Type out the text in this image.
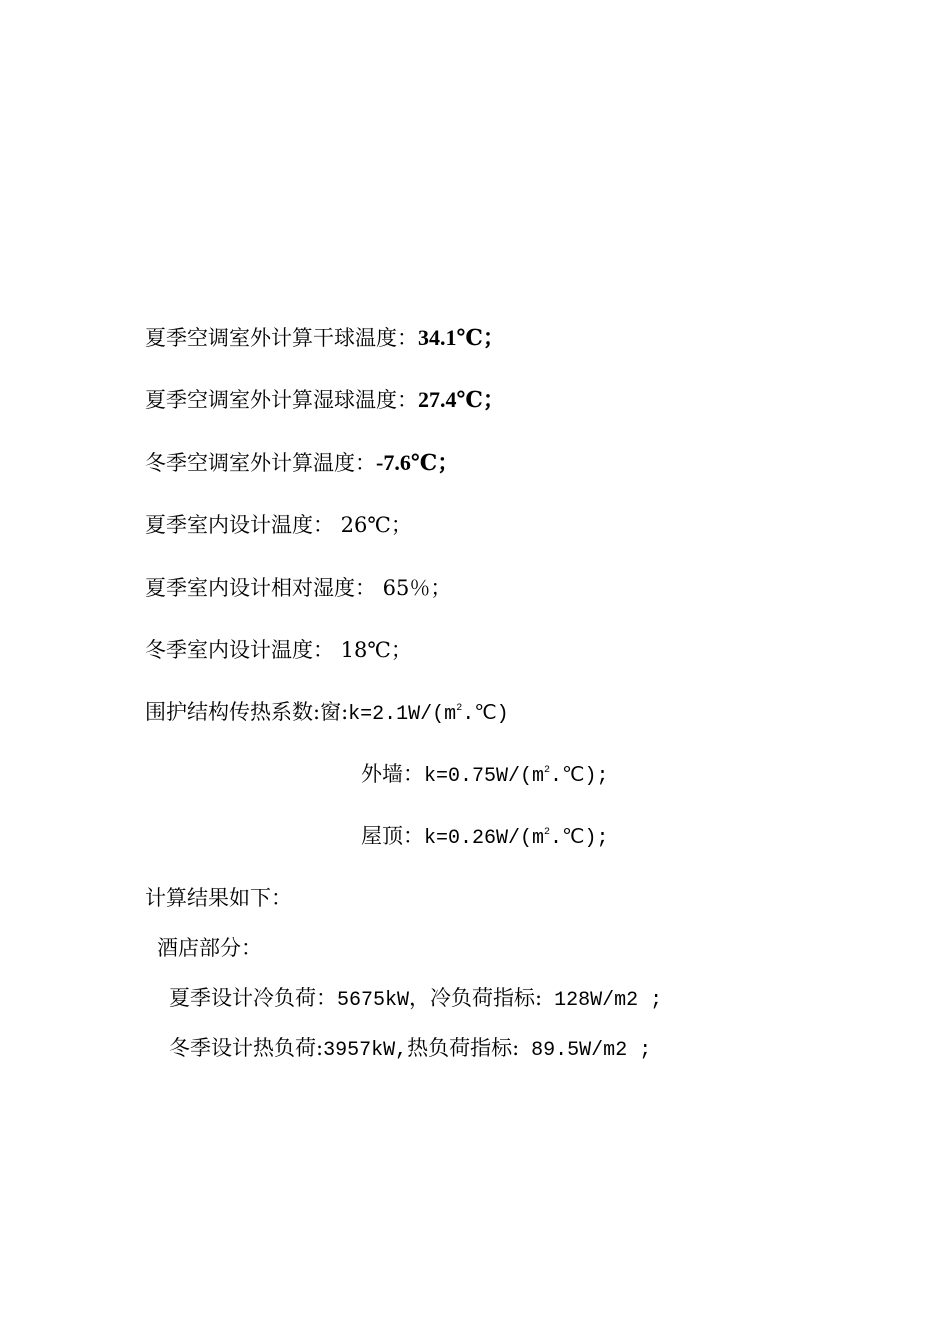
夏季空调室外计算干球温度：34.1℃；
夏季空调室外计算湿球温度：27.4℃；
冬季空调室外计算温度：-7.6℃；
夏季室内设计温度： 26℃；
夏季室内设计相对湿度： 65％；
冬季室内设计温度： 18℃；
围护结构传热系数:窗$:k=2.1W/(m^2.℃)$
外墙：$k=0.75W/(m^2.℃)$;
屋顶：$k=0.26W/(m^2.℃)$;
计算结果如下：
酒店部分：
夏季设计冷负荷：5675kW，冷负荷指标: 128W/m2 ;
冬季设计热负荷:3957kW,热负荷指标: 89.5W/m2 ;
